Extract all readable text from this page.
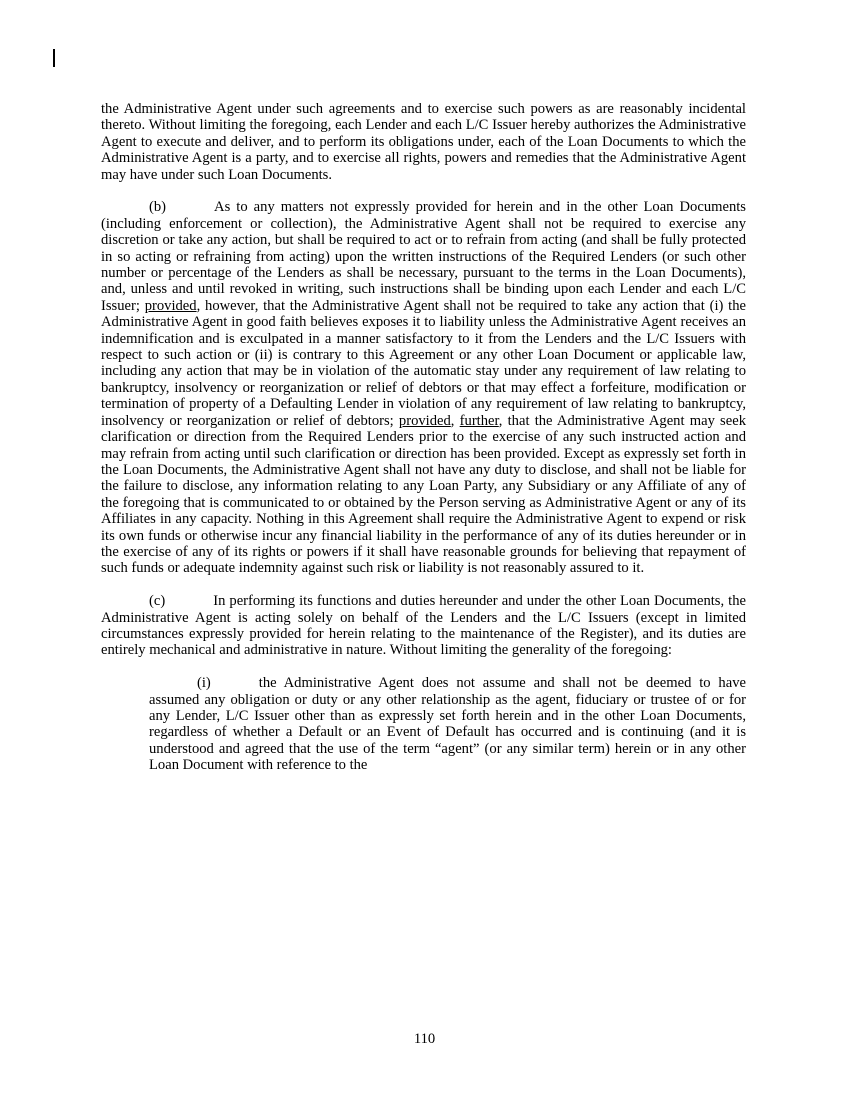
the Administrative Agent under such agreements and to exercise such powers as are reasonably incidental thereto. Without limiting the foregoing, each Lender and each L/C Issuer hereby authorizes the Administrative Agent to execute and deliver, and to perform its obligations under, each of the Loan Documents to which the Administrative Agent is a party, and to exercise all rights, powers and remedies that the Administrative Agent may have under such Loan Documents.

(b)	As to any matters not expressly provided for herein and in the other Loan Documents (including enforcement or collection), the Administrative Agent shall not be required to exercise any discretion or take any action, but shall be required to act or to refrain from acting (and shall be fully protected in so acting or refraining from acting) upon the written instructions of the Required Lenders (or such other number or percentage of the Lenders as shall be necessary, pursuant to the terms in the Loan Documents), and, unless and until revoked in writing, such instructions shall be binding upon each Lender and each L/C Issuer; provided, however, that the Administrative Agent shall not be required to take any action that (i) the Administrative Agent in good faith believes exposes it to liability unless the Administrative Agent receives an indemnification and is exculpated in a manner satisfactory to it from the Lenders and the L/C Issuers with respect to such action or (ii) is contrary to this Agreement or any other Loan Document or applicable law, including any action that may be in violation of the automatic stay under any requirement of law relating to bankruptcy, insolvency or reorganization or relief of debtors or that may effect a forfeiture, modification or termination of property of a Defaulting Lender in violation of any requirement of law relating to bankruptcy, insolvency or reorganization or relief of debtors; provided, further, that the Administrative Agent may seek clarification or direction from the Required Lenders prior to the exercise of any such instructed action and may refrain from acting until such clarification or direction has been provided. Except as expressly set forth in the Loan Documents, the Administrative Agent shall not have any duty to disclose, and shall not be liable for the failure to disclose, any information relating to any Loan Party, any Subsidiary or any Affiliate of any of the foregoing that is communicated to or obtained by the Person serving as Administrative Agent or any of its Affiliates in any capacity. Nothing in this Agreement shall require the Administrative Agent to expend or risk its own funds or otherwise incur any financial liability in the performance of any of its duties hereunder or in the exercise of any of its rights or powers if it shall have reasonable grounds for believing that repayment of such funds or adequate indemnity against such risk or liability is not reasonably assured to it.

(c)	In performing its functions and duties hereunder and under the other Loan Documents, the Administrative Agent is acting solely on behalf of the Lenders and the L/C Issuers (except in limited circumstances expressly provided for herein relating to the maintenance of the Register), and its duties are entirely mechanical and administrative in nature. Without limiting the generality of the foregoing:

(i)	the Administrative Agent does not assume and shall not be deemed to have assumed any obligation or duty or any other relationship as the agent, fiduciary or trustee of or for any Lender, L/C Issuer other than as expressly set forth herein and in the other Loan Documents, regardless of whether a Default or an Event of Default has occurred and is continuing (and it is understood and agreed that the use of the term “agent” (or any similar term) herein or in any other Loan Document with reference to the

110
